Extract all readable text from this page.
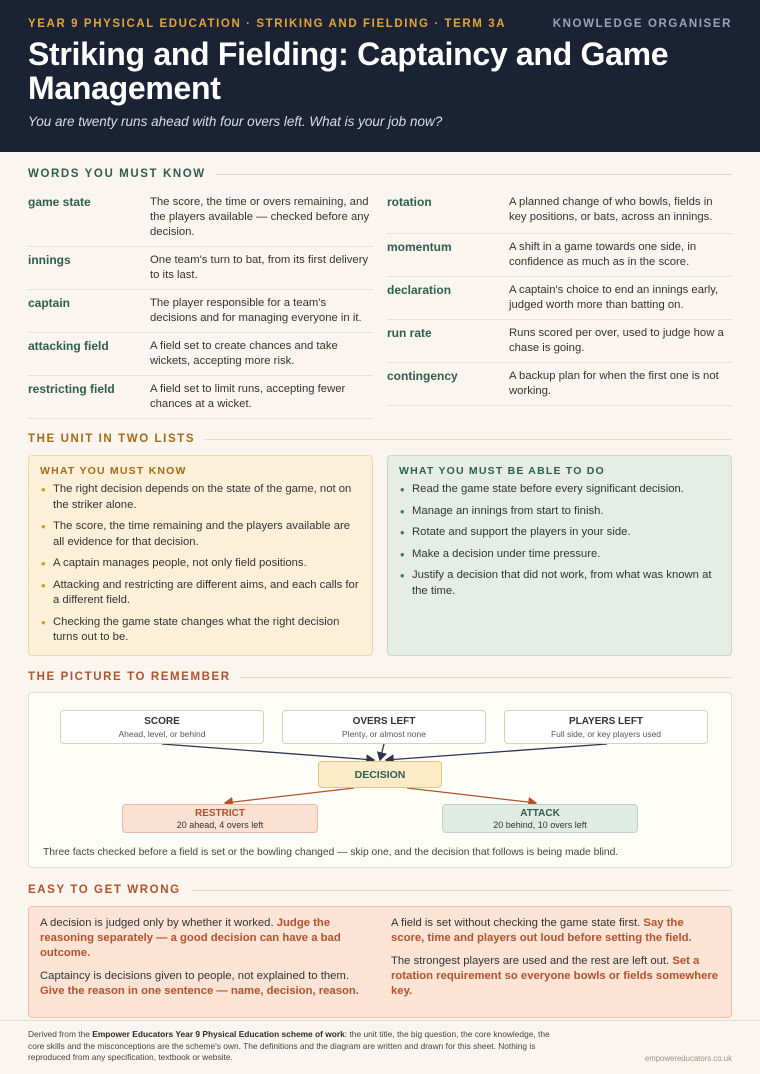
YEAR 9 PHYSICAL EDUCATION · STRIKING AND FIELDING · TERM 3A	KNOWLEDGE ORGANISER
Striking and Fielding: Captaincy and Game Management
You are twenty runs ahead with four overs left. What is your job now?
WORDS YOU MUST KNOW
game state	The score, the time or overs remaining, and the players available — checked before any decision.
innings	One team's turn to bat, from its first delivery to its last.
captain	The player responsible for a team's decisions and for managing everyone in it.
attacking field	A field set to create chances and take wickets, accepting more risk.
restricting field	A field set to limit runs, accepting fewer chances at a wicket.
rotation	A planned change of who bowls, fields in key positions, or bats, across an innings.
momentum	A shift in a game towards one side, in confidence as much as in the score.
declaration	A captain's choice to end an innings early, judged worth more than batting on.
run rate	Runs scored per over, used to judge how a chase is going.
contingency	A backup plan for when the first one is not working.
THE UNIT IN TWO LISTS
WHAT YOU MUST KNOW
• The right decision depends on the state of the game, not on the striker alone.
• The score, the time remaining and the players available are all evidence for that decision.
• A captain manages people, not only field positions.
• Attacking and restricting are different aims, and each calls for a different field.
• Checking the game state changes what the right decision turns out to be.
WHAT YOU MUST BE ABLE TO DO
• Read the game state before every significant decision.
• Manage an innings from start to finish.
• Rotate and support the players in your side.
• Make a decision under time pressure.
• Justify a decision that did not work, from what was known at the time.
THE PICTURE TO REMEMBER
SCORE
Ahead, level, or behind
OVERS LEFT
Plenty, or almost none
PLAYERS LEFT
Full side, or key players used
DECISION
RESTRICT
20 ahead, 4 overs left
ATTACK
20 behind, 10 overs left
Three facts checked before a field is set or the bowling changed — skip one, and the decision that follows is being made blind.
EASY TO GET WRONG
A decision is judged only by whether it worked. Judge the reasoning separately — a good decision can have a bad outcome.
Captaincy is decisions given to people, not explained to them. Give the reason in one sentence — name, decision, reason.
A field is set without checking the game state first. Say the score, time and players out loud before setting the field.
The strongest players are used and the rest are left out. Set a rotation requirement so everyone bowls or fields somewhere key.
Derived from the Empower Educators Year 9 Physical Education scheme of work: the unit title, the big question, the core knowledge, the core skills and the misconceptions are the scheme's own. The definitions and the diagram are written and drawn for this sheet. Nothing is reproduced from any specification, textbook or website.	empowereducators.co.uk
